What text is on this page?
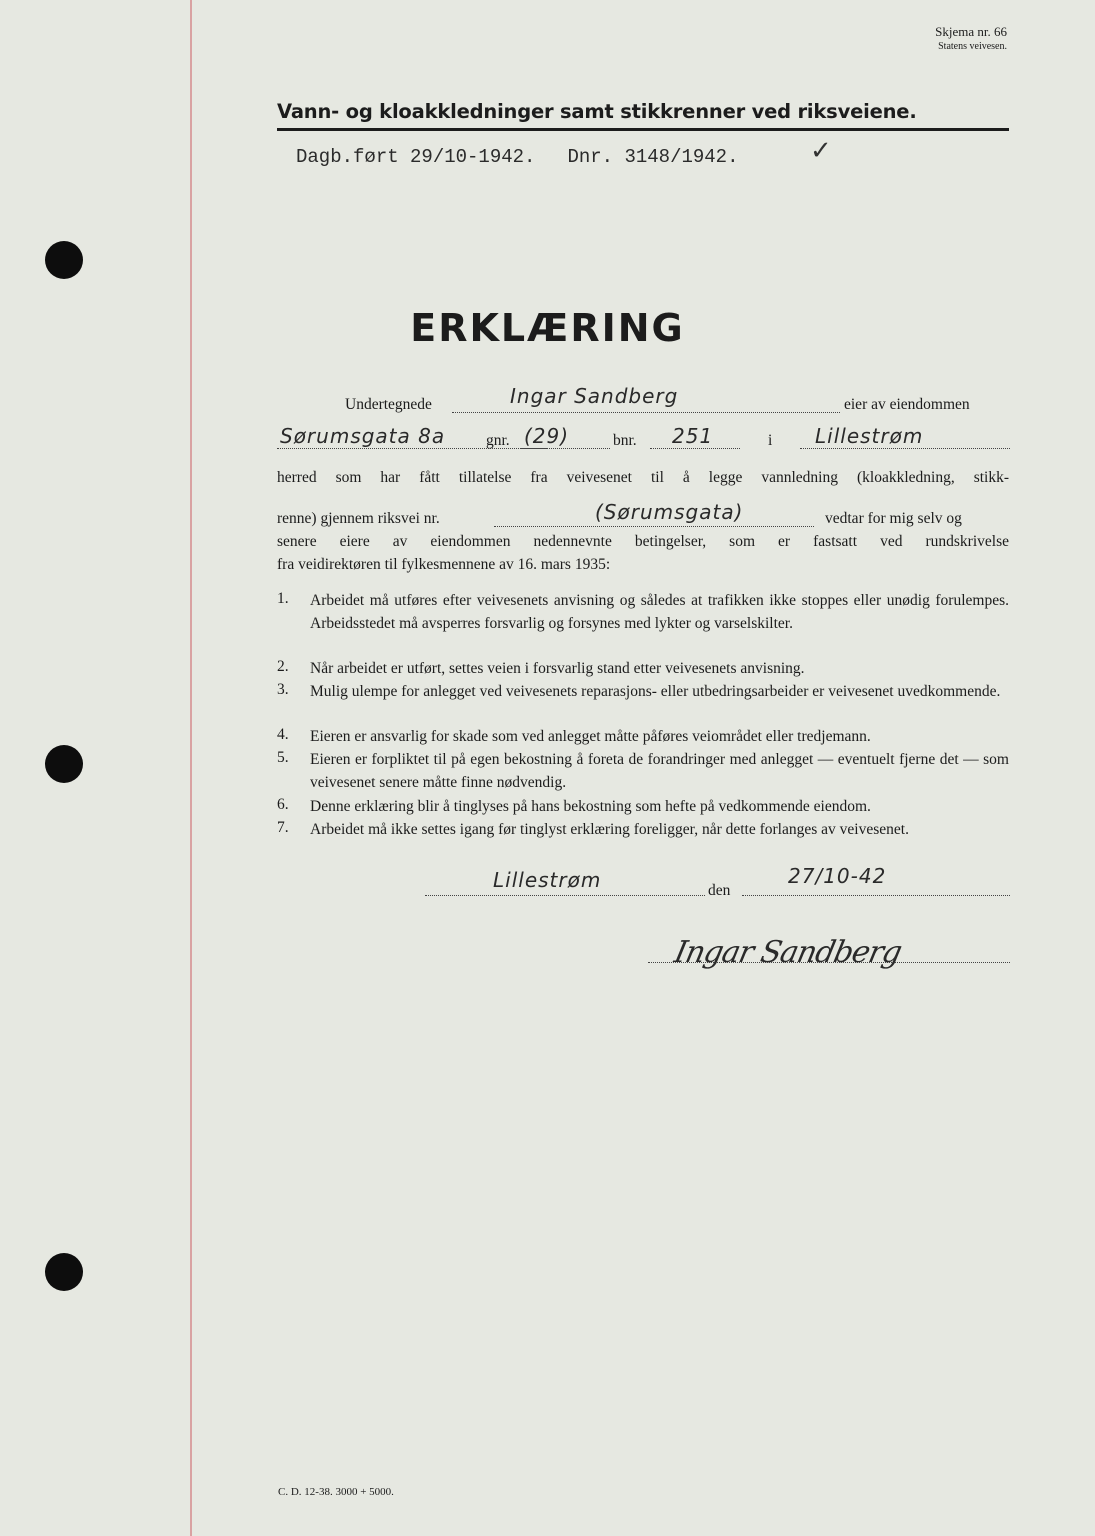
Skjema nr. 66
Statens veivesen.
Vann- og kloakkledninger samt stikkrenner ved riksveiene.
Dagb.ført 29/10-1942. Dnr. 3148/1942.	✓
ERKLÆRING
Undertegnede	Ingar Sandberg	eier av eiendommen
Sørumsgata 8a	gnr. (29)	bnr. 251	i Lillestrøm
herred som har fått tillatelse fra veivesenet til å legge vannledning (kloakkledning, stikk-
renne) gjennem riksvei nr.	(Sørumsgata)	vedtar for mig selv og
senere eiere av eiendommen nedennevnte betingelser, som er fastsatt ved rundskrivelse
fra veidirektøren til fylkesmennene av 16. mars 1935:
1. Arbeidet må utføres efter veivesenets anvisning og således at trafikken ikke stoppes eller unødig forulempes. Arbeidsstedet må avsperres forsvarlig og forsynes med lykter og varselskilter.
2. Når arbeidet er utført, settes veien i forsvarlig stand etter veivesenets anvisning.
3. Mulig ulempe for anlegget ved veivesenets reparasjons- eller utbedringsarbeider er veivesenet uvedkommende.
4. Eieren er ansvarlig for skade som ved anlegget måtte påføres veiområdet eller tredjemann.
5. Eieren er forpliktet til på egen bekostning å foreta de forandringer med anlegget — eventuelt fjerne det — som veivesenet senere måtte finne nødvendig.
6. Denne erklæring blir å tinglyses på hans bekostning som hefte på vedkommende eiendom.
7. Arbeidet må ikke settes igang før tinglyst erklæring foreligger, når dette forlanges av veivesenet.
Lillestrøm	den
27/10-42
Ingar Sandberg
C. D. 12-38. 3000 + 5000.
